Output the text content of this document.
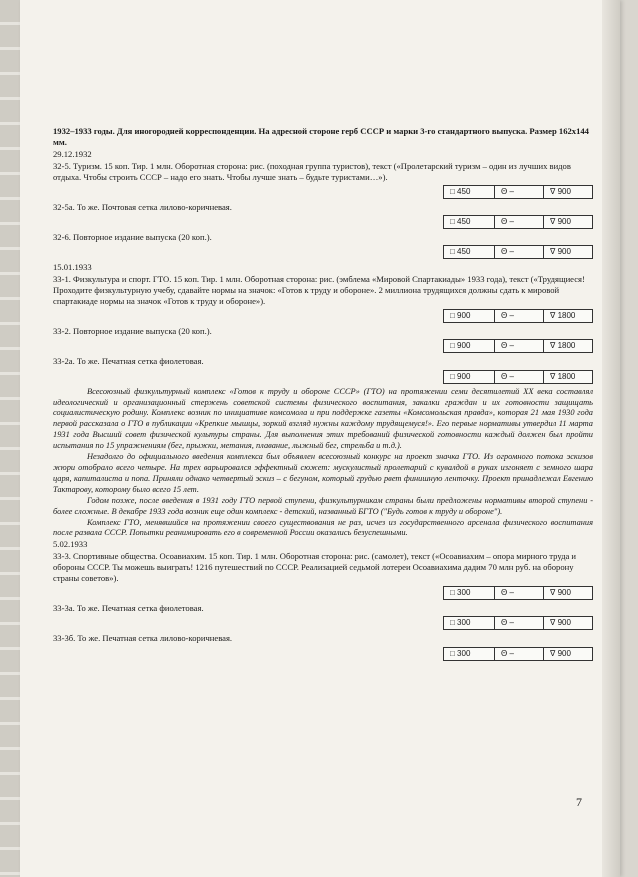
1932–1933 годы. Для иногородней корреспонденции. На адресной стороне герб СССР и марки 3-го стандартного выпуска. Размер 162х144 мм.

29.12.1932

32-5. Туризм. 15 коп. Тир. 1 млн. Оборотная сторона: рис. (походная группа туристов), текст («Пролетарский туризм – один из лучших видов отдыха. Чтобы строить СССР – надо его знать. Чтобы лучше знать – будьте туристами…»).

□ 450	Θ –	∇ 900

32-5а. То же. Почтовая сетка лилово-коричневая.

□ 450	Θ –	∇ 900

32-6. Повторное издание выпуска (20 коп.).

□ 450	Θ –	∇ 900

15.01.1933

33-1. Физкультура и спорт. ГТО. 15 коп. Тир. 1 млн. Оборотная сторона: рис. (эмблема «Мировой Спартакиады» 1933 года), текст («Трудящиеся! Проходите физкультурную учебу, сдавайте нормы на значок: «Готов к труду и обороне». 2 миллиона трудящихся должны сдать к мировой спартакиаде нормы на значок «Готов к труду и обороне»).

□ 900	Θ –	∇ 1800

33-2. Повторное издание выпуска (20 коп.).

□ 900	Θ –	∇ 1800

33-2а. То же. Печатная сетка фиолетовая.

□ 900	Θ –	∇ 1800

Всесоюзный физкультурный комплекс «Готов к труду и обороне СССР» (ГТО) на протяжении семи десятилетий XX века составлял идеологический и организационный стержень советской системы физического воспитания, закалки граждан и их готовности защищать социалистическую родину. Комплекс возник по инициативе комсомола и при поддержке газеты «Комсомольская правда», которая 21 мая 1930 года первой рассказала о ГТО в публикации «Крепкие мышцы, зоркий взгляд нужны каждому трудящемуся!». Его первые нормативы утвердил 11 марта 1931 года Высший совет физической культуры страны. Для выполнения этих требований физической готовности каждый должен был пройти испытания по 15 упражнениям (бег, прыжки, метания, плавание, лыжный бег, стрельба и т.д.).

Незадолго до официального введения комплекса был объявлен всесоюзный конкурс на проект значка ГТО. Из огромного потока эскизов жюри отобрало всего четыре. На трех варьировался эффектный сюжет: мускулистый пролетарий с кувалдой в руках изгоняет с земного шара царя, капиталиста и попа. Приняли однако четвертый эскиз – с бегуном, который грудью рвет финишную ленточку. Проект принадлежал Евгению Тактарову, которому было всего 15 лет.

Годом позже, после введения в 1931 году ГТО первой ступени, физкультурникам страны были предложены нормативы второй ступени - более сложные. В декабре 1933 года возник еще один комплекс - детский, названный БГТО ("Будь готов к труду и обороне").

Комплекс ГТО, менявшийся на протяжении своего существования не раз, исчез из государственного арсенала физического воспитания после развала СССР. Попытки реанимировать его в современной России оказались безуспешными.

5.02.1933

33-3. Спортивные общества. Осоавиахим. 15 коп. Тир. 1 млн. Оборотная сторона: рис. (самолет), текст («Осоавиахим – опора мирного труда и обороны СССР. Ты можешь выиграть! 1216 путешествий по СССР. Реализацией седьмой лотереи Осоавиахима дадим 70 млн руб. на оборону страны советов»).

□ 300	Θ –	∇ 900

33-3а. То же. Печатная сетка фиолетовая.

□ 300	Θ –	∇ 900

33-3б. То же. Печатная сетка лилово-коричневая.

□ 300	Θ –	∇ 900
7
